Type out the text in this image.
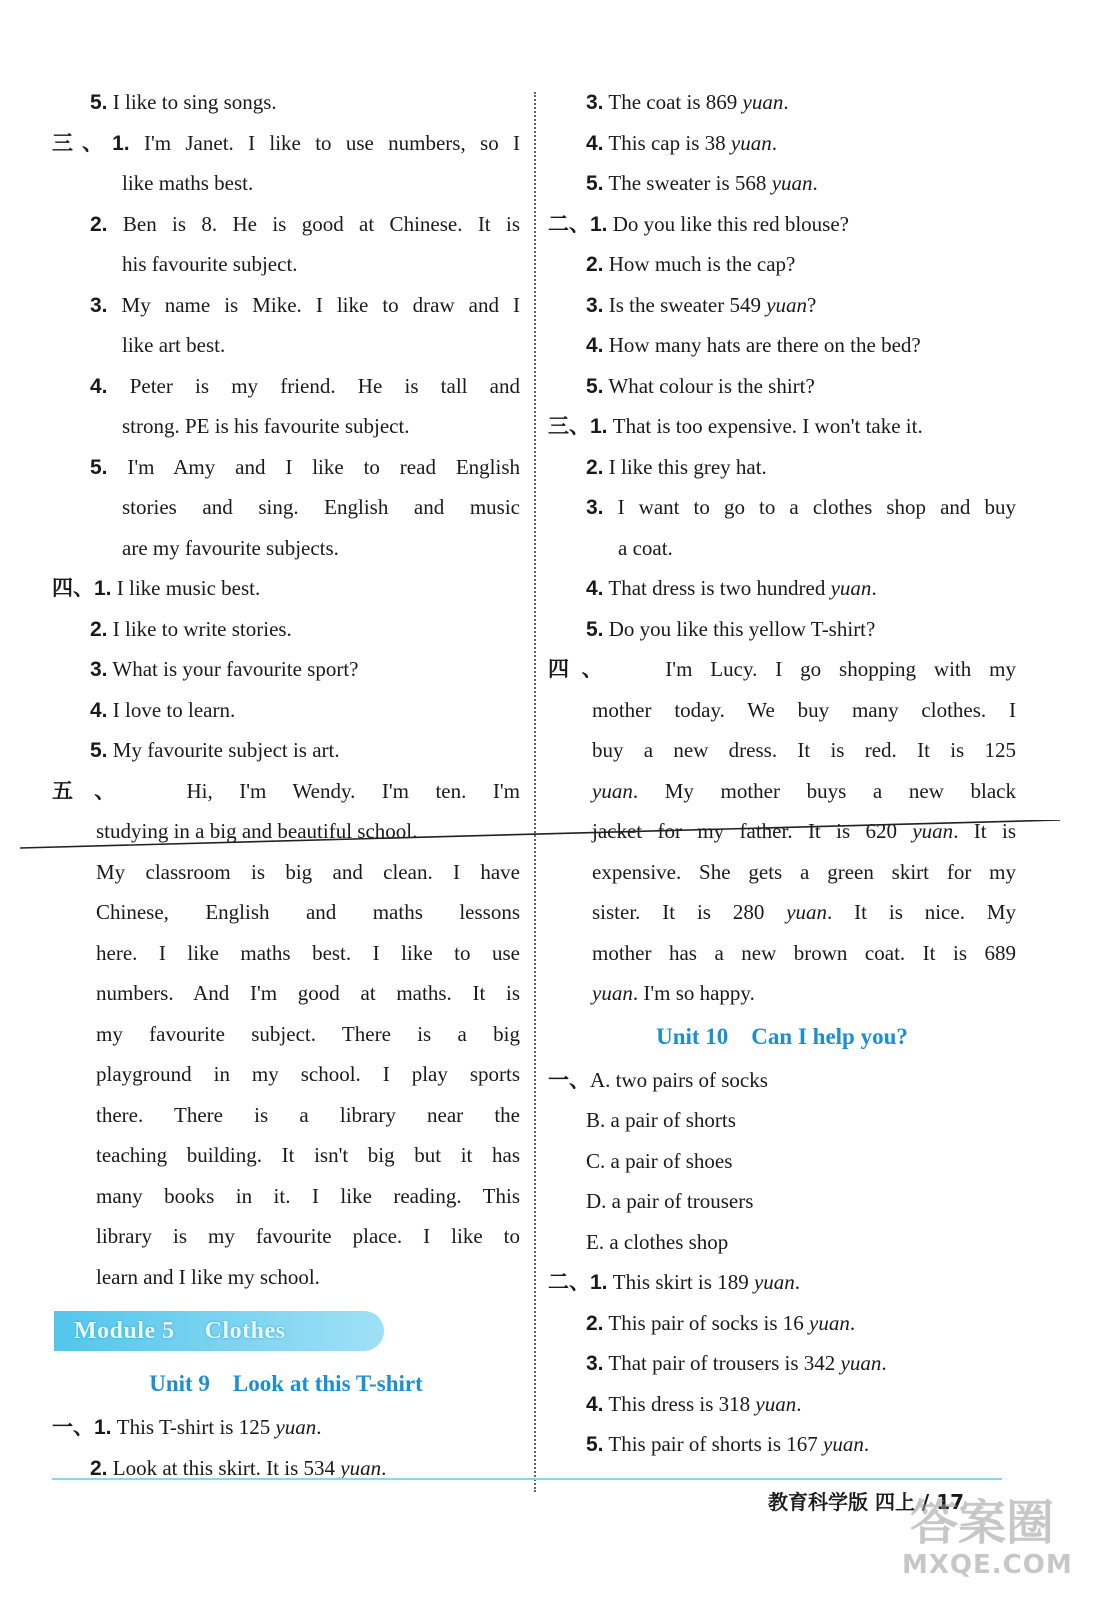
5. I like to sing songs.
三、1. I'm Janet. I like to use numbers, so I
like maths best.
2. Ben is 8. He is good at Chinese. It is
his favourite subject.
3. My name is Mike. I like to draw and I
like art best.
4. Peter is my friend. He is tall and
strong. PE is his favourite subject.
5. I'm Amy and I like to read English
stories and sing. English and music
are my favourite subjects.
四、1. I like music best.
2. I like to write stories.
3. What is your favourite sport?
4. I love to learn.
5. My favourite subject is art.
五、 Hi, I'm Wendy. I'm ten. I'm
studying in a big and beautiful school.
My classroom is big and clean. I have
Chinese, English and maths lessons
here. I like maths best. I like to use
numbers. And I'm good at maths. It is
my favourite subject. There is a big
playground in my school. I play sports
there. There is a library near the
teaching building. It isn't big but it has
many books in it. I like reading. This
library is my favourite place. I like to
learn and I like my school.
Module 5 Clothes
Unit 9    Look at this T-shirt
一、1. This T-shirt is 125 yuan.
2. Look at this skirt. It is 534 yuan.
3. The coat is 869 yuan.
4. This cap is 38 yuan.
5. The sweater is 568 yuan.
二、1. Do you like this red blouse?
2. How much is the cap?
3. Is the sweater 549 yuan?
4. How many hats are there on the bed?
5. What colour is the shirt?
三、1. That is too expensive. I won't take it.
2. I like this grey hat.
3. I want to go to a clothes shop and buy
a coat.
4. That dress is two hundred yuan.
5. Do you like this yellow T-shirt?
四、 I'm Lucy. I go shopping with my
mother today. We buy many clothes. I
buy a new dress. It is red. It is 125
yuan. My mother buys a new black
jacket for my father. It is 620 yuan. It is
expensive. She gets a green skirt for my
sister. It is 280 yuan. It is nice. My
mother has a new brown coat. It is 689
yuan. I'm so happy.
Unit 10    Can I help you?
一、A. two pairs of socks
B. a pair of shorts
C. a pair of shoes
D. a pair of trousers
E. a clothes shop
二、1. This skirt is 189 yuan.
2. This pair of socks is 16 yuan.
3. That pair of trousers is 342 yuan.
4. This dress is 318 yuan.
5. This pair of shorts is 167 yuan.
教育科学版 四上 / 17
答案圈
MXQE.COM
